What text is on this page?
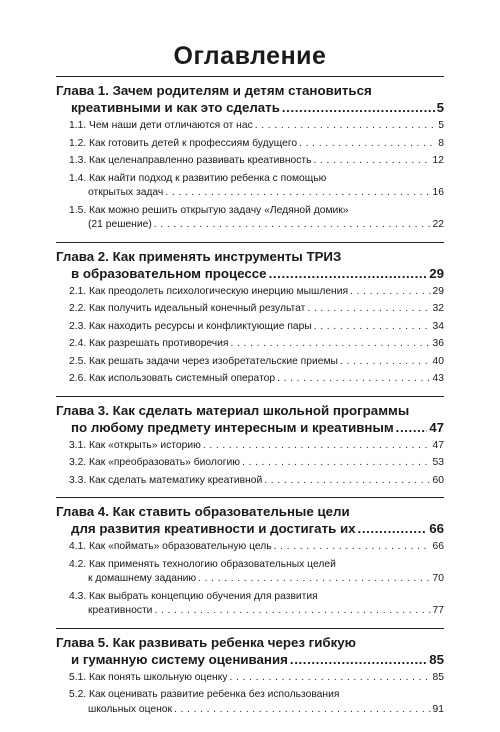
Оглавление
Глава 1. Зачем родителям и детям становиться
креативными и как это сделать .....	5
1.1. Чем наши дети отличаются от нас . . .	5
1.2. Как готовить детей к профессиям будущего . . .	8
1.3. Как целенаправленно развивать креативность . . .	12
1.4. Как найти подход к развитию ребенка с помощью
открытых задач . . .	16
1.5. Как можно решить открытую задачу «Ледяной домик»
(21 решение) . . .	22
Глава 2. Как применять инструменты ТРИЗ
в образовательном процессе .....	29
2.1. Как преодолеть психологическую инерцию мышления . . .	29
2.2. Как получить идеальный конечный результат . . .	32
2.3. Как находить ресурсы и конфликтующие пары . . .	34
2.4. Как разрешать противоречия . . .	36
2.5. Как решать задачи через изобретательские приемы . . .	40
2.6. Как использовать системный оператор . . .	43
Глава 3. Как сделать материал школьной программы
по любому предмету интересным и креативным .....	47
3.1. Как «открыть» историю . . .	47
3.2. Как «преобразовать» биологию . . .	53
3.3. Как сделать математику креативной . . .	60
Глава 4. Как ставить образовательные цели
для развития креативности и достигать их .....	66
4.1. Как «поймать» образовательную цель . . .	66
4.2. Как применять технологию образовательных целей
к домашнему заданию . . .	70
4.3. Как выбрать концепцию обучения для развития
креативности . . .	77
Глава 5. Как развивать ребенка через гибкую
и гуманную систему оценивания .....	85
5.1. Как понять школьную оценку . . .	85
5.2. Как оценивать развитие ребенка без использования
школьных оценок . . .	91
